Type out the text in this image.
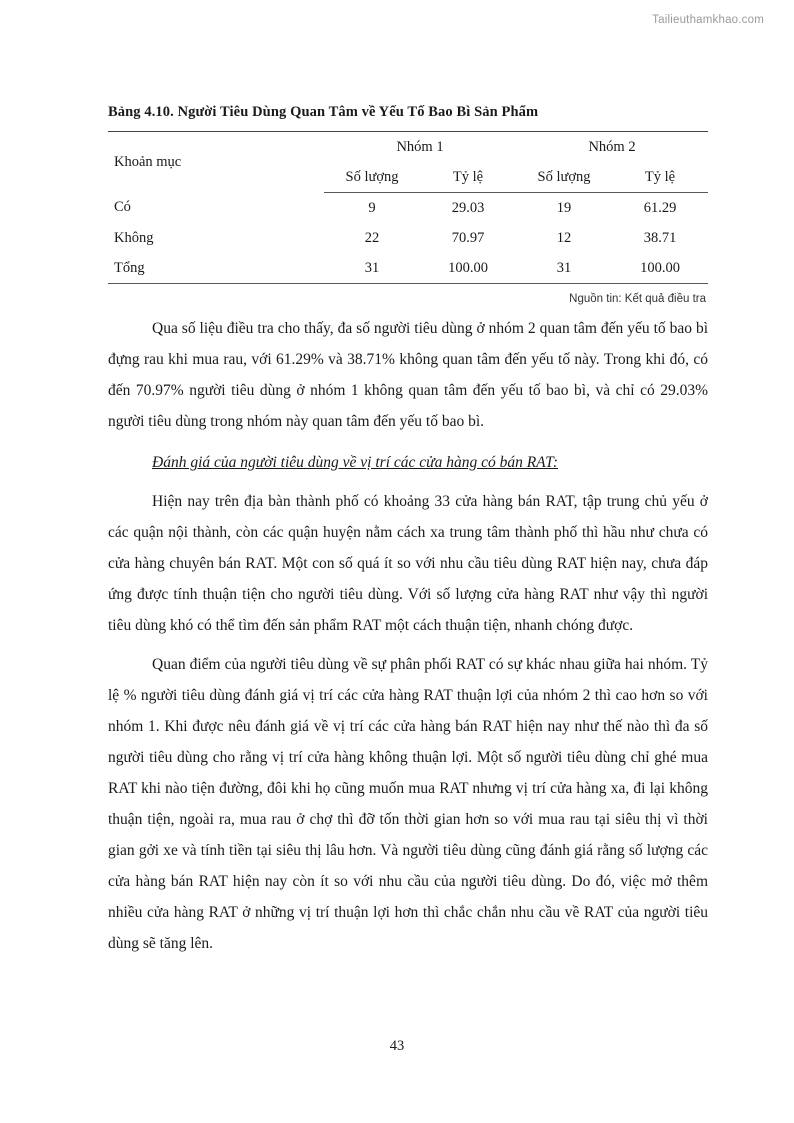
Tailieuthamkhao.com
Bảng 4.10. Người Tiêu Dùng Quan Tâm về Yếu Tố Bao Bì Sản Phẩm
Khoản mục	Nhóm 1		Nhóm 2	
	Số lượng	Tỷ lệ	Số lượng	Tỷ lệ
Có	9	29.03	19	61.29
Không	22	70.97	12	38.71
Tổng	31	100.00	31	100.00
Nguồn tin: Kết quả điều tra

Qua số liệu điều tra cho thấy, đa số người tiêu dùng ở nhóm 2 quan tâm đến yếu tố bao bì đựng rau khi mua rau, với 61.29% và 38.71% không quan tâm đến yếu tố này. Trong khi đó, có đến 70.97% người tiêu dùng ở nhóm 1 không quan tâm đến yếu tố bao bì, và chỉ có 29.03% người tiêu dùng trong nhóm này quan tâm đến yếu tố bao bì.

Đánh giá của người tiêu dùng về vị trí các cửa hàng có bán RAT:

Hiện nay trên địa bàn thành phố có khoảng 33 cửa hàng bán RAT, tập trung chủ yếu ở các quận nội thành, còn các quận huyện nằm cách xa trung tâm thành phố thì hầu như chưa có cửa hàng chuyên bán RAT. Một con số quá ít so với nhu cầu tiêu dùng RAT hiện nay, chưa đáp ứng được tính thuận tiện cho người tiêu dùng. Với số lượng cửa hàng RAT như vậy thì người tiêu dùng khó có thể tìm đến sản phẩm RAT một cách thuận tiện, nhanh chóng được.

Quan điểm của người tiêu dùng về sự phân phối RAT có sự khác nhau giữa hai nhóm. Tỷ lệ % người tiêu dùng đánh giá vị trí các cửa hàng RAT thuận lợi của nhóm 2 thì cao hơn so với nhóm 1. Khi được nêu đánh giá về vị trí các cửa hàng bán RAT hiện nay như thế nào thì đa số người tiêu dùng cho rằng vị trí cửa hàng không thuận lợi. Một số người tiêu dùng chỉ ghé mua RAT khi nào tiện đường, đôi khi họ cũng muốn mua RAT nhưng vị trí cửa hàng xa, đi lại không thuận tiện, ngoài ra, mua rau ở chợ thì đỡ tốn thời gian hơn so với mua rau tại siêu thị vì thời gian gởi xe và tính tiền tại siêu thị lâu hơn. Và người tiêu dùng cũng đánh giá rằng số lượng các cửa hàng bán RAT hiện nay còn ít so với nhu cầu của người tiêu dùng. Do đó, việc mở thêm nhiều cửa hàng RAT ở những vị trí thuận lợi hơn thì chắc chắn nhu cầu về RAT của người tiêu dùng sẽ tăng lên.

43
